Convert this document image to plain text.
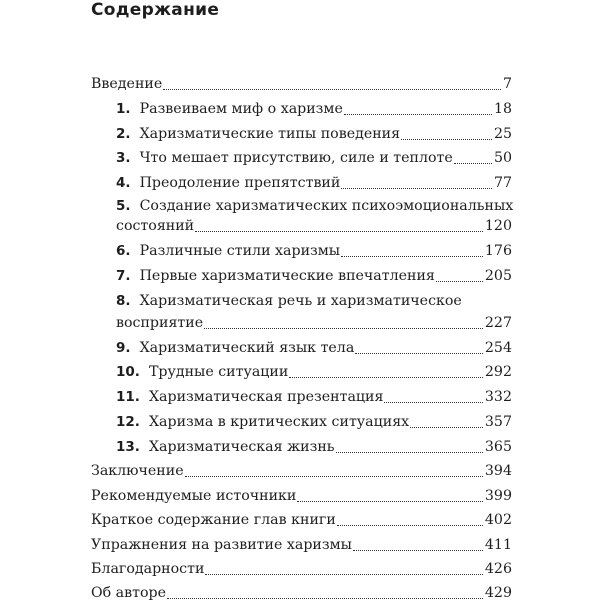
Содержание
Введение	7
1. Развеиваем миф о харизме	18
2. Харизматические типы поведения	25
3. Что мешает присутствию, силе и теплоте	50
4. Преодоление препятствий	77
5. Создание харизматических психоэмоциональных
состояний	120
6. Различные стили харизмы	176
7. Первые харизматические впечатления	205
8. Харизматическая речь и харизматическое
восприятие	227
9. Харизматический язык тела	254
10. Трудные ситуации	292
11. Харизматическая презентация	332
12. Харизма в критических ситуациях	357
13. Харизматическая жизнь	365
Заключение	394
Рекомендуемые источники	399
Краткое содержание глав книги	402
Упражнения на развитие харизмы	411
Благодарности	426
Об авторе	429
